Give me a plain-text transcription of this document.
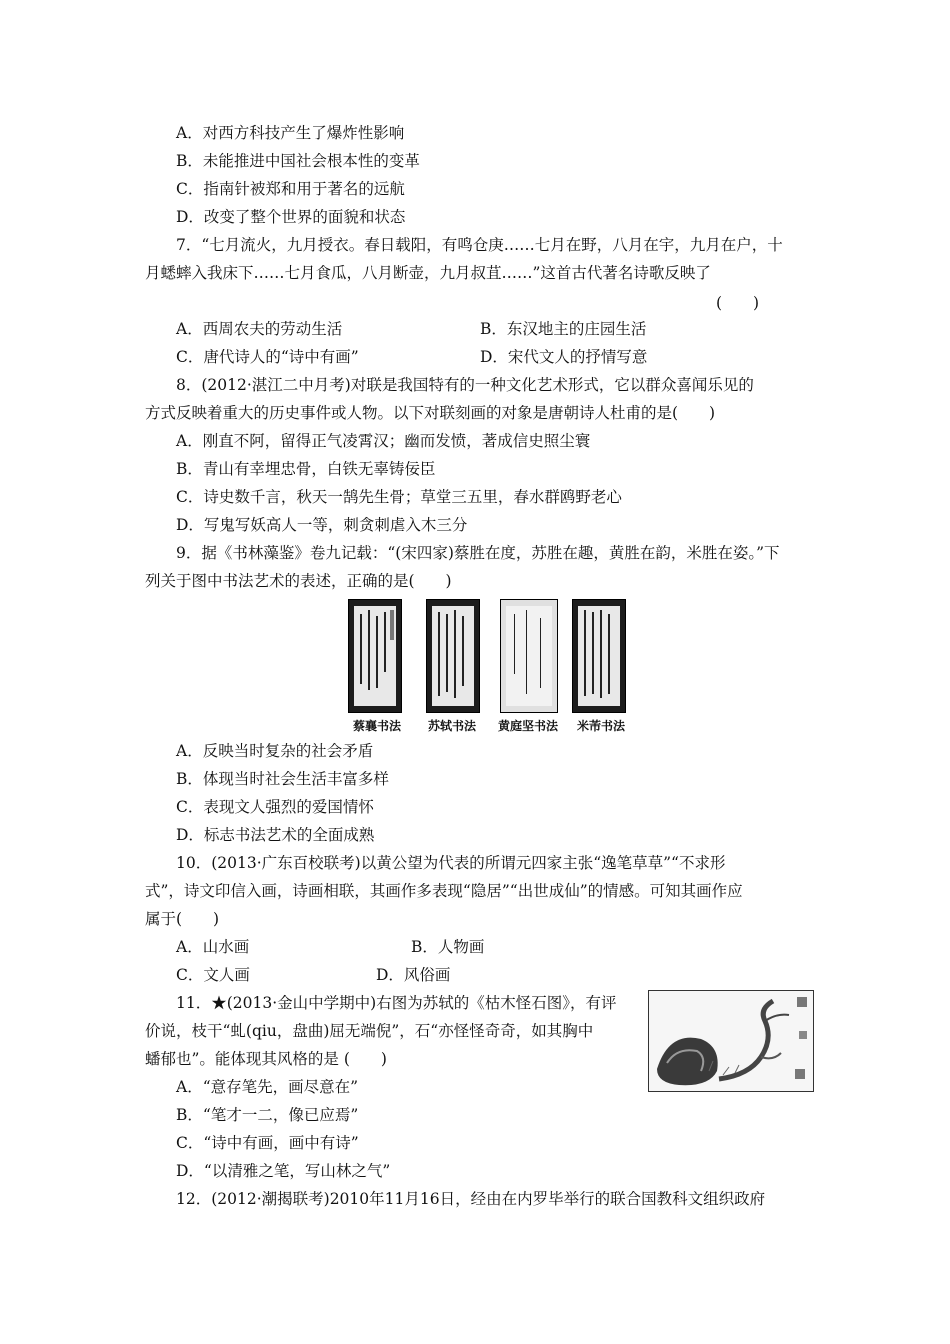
A．对西方科技产生了爆炸性影响
B．未能推进中国社会根本性的变革
C．指南针被郑和用于著名的远航
D．改变了整个世界的面貌和状态
7．“七月流火，九月授衣。春日载阳，有鸣仓庚……七月在野，八月在宇，九月在户，十
月蟋蟀入我床下……七月食瓜，八月断壶，九月叔苴……”这首古代著名诗歌反映了
(　　)
A．西周农夫的劳动生活	B．东汉地主的庄园生活
C．唐代诗人的“诗中有画”	D．宋代文人的抒情写意
8．(2012·湛江二中月考)对联是我国特有的一种文化艺术形式，它以群众喜闻乐见的
方式反映着重大的历史事件或人物。以下对联刻画的对象是唐朝诗人杜甫的是(　　)
A．刚直不阿，留得正气凌霄汉；幽而发愤，著成信史照尘寰
B．青山有幸埋忠骨，白铁无辜铸佞臣
C．诗史数千言，秋天一鹄先生骨；草堂三五里，春水群鸥野老心
D．写鬼写妖高人一等，刺贪刺虐入木三分
9．据《书林藻鉴》卷九记载：“(宋四家)蔡胜在度，苏胜在趣，黄胜在韵，米胜在姿。”下
列关于图中书法艺术的表述，正确的是(　　)
蔡襄书法 苏轼书法 黄庭坚书法 米芾书法
A．反映当时复杂的社会矛盾
B．体现当时社会生活丰富多样
C．表现文人强烈的爱国情怀
D．标志书法艺术的全面成熟
10．(2013·广东百校联考)以黄公望为代表的所谓元四家主张“逸笔草草”“不求形
式”，诗文印信入画，诗画相联，其画作多表现“隐居”“出世成仙”的情感。可知其画作应
属于(　　)
A．山水画	B．人物画
C．文人画	D．风俗画
11．★(2013·金山中学期中)右图为苏轼的《枯木怪石图》，有评
价说，枝干“虬(qiu，盘曲)屈无端倪”，石“亦怪怪奇奇，如其胸中
蟠郁也”。能体现其风格的是 (　　)
A．“意存笔先，画尽意在”
B．“笔才一二，像已应焉”
C．“诗中有画，画中有诗”
D．“以清雅之笔，写山林之气”
12．(2012·潮揭联考)2010年11月16日，经由在内罗毕举行的联合国教科文组织政府
